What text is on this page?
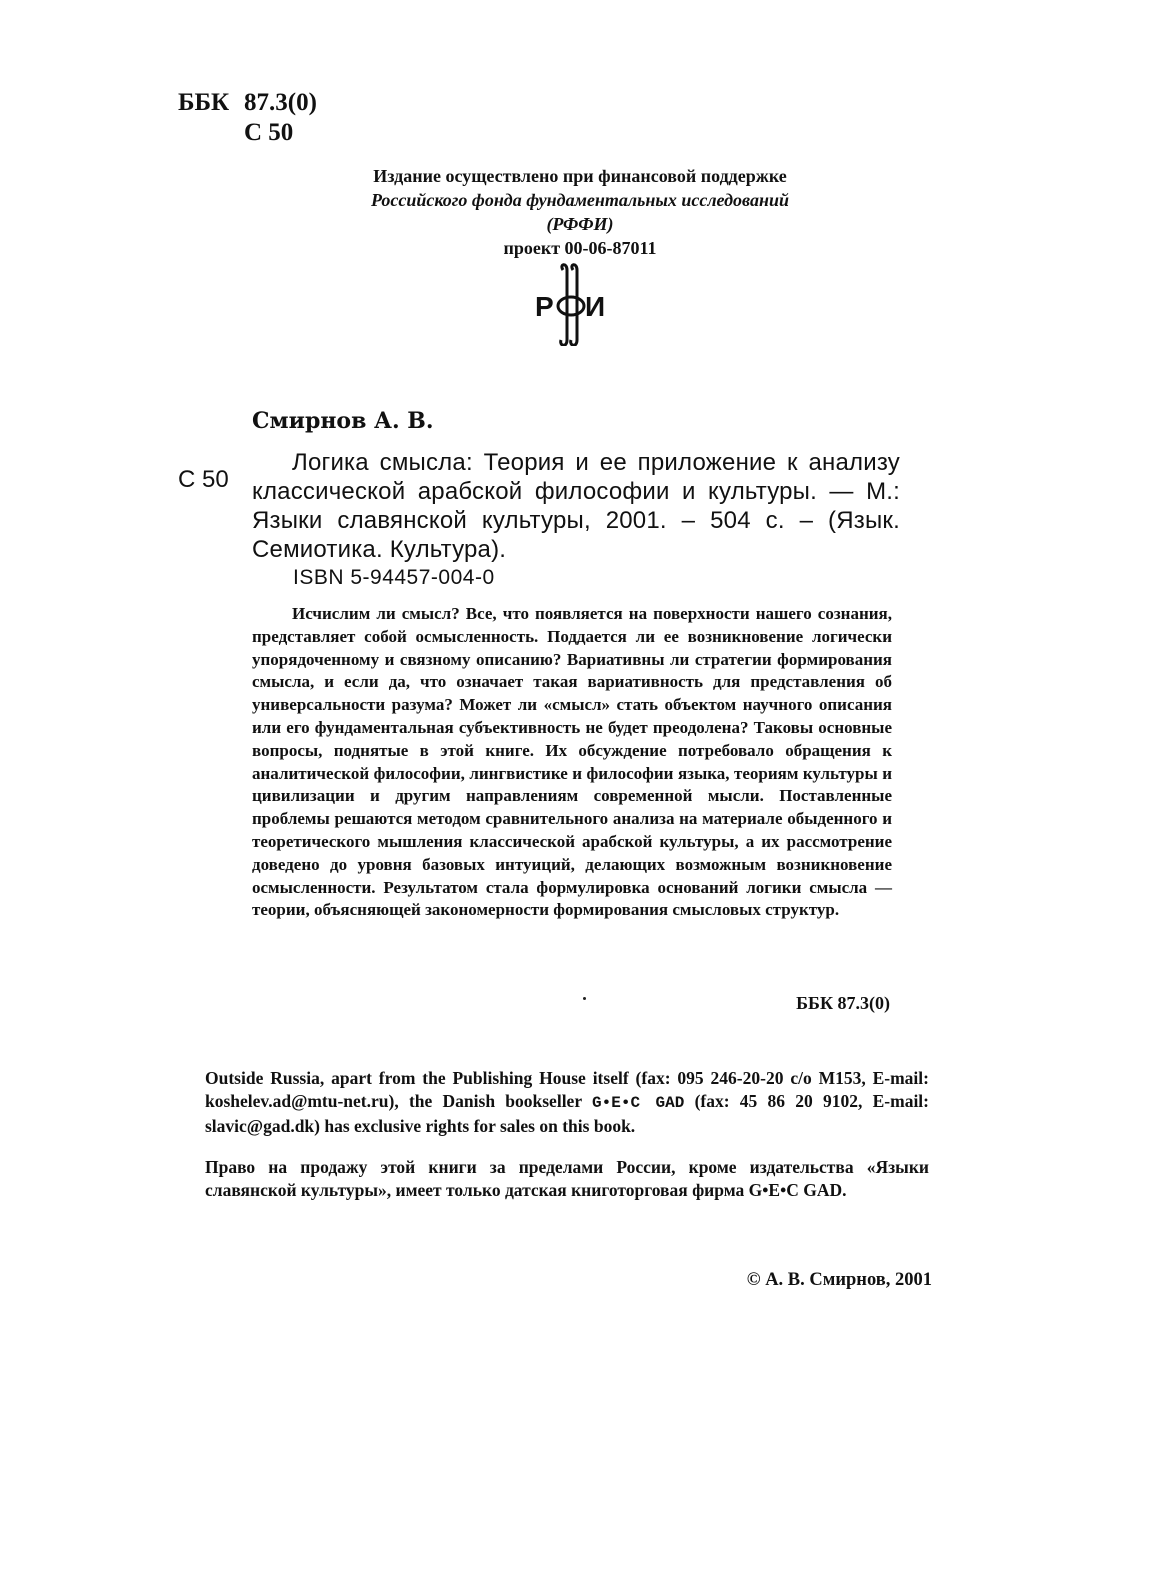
ББК 87.3(0)
С 50
Издание осуществлено при финансовой поддержке
Российского фонда фундаментальных исследований
(РФФИ)
проект 00-06-87011
Р И
Смирнов А. В.
С 50
Логика смысла: Теория и ее приложение к анализу классической арабской философии и культуры. — М.: Языки славянской культуры, 2001. – 504 с. – (Язык. Семиотика. Культура).
ISBN 5-94457-004-0
Исчислим ли смысл? Все, что появляется на поверхности нашего сознания, представляет собой осмысленность. Поддается ли ее возникновение логически упорядоченному и связному описанию? Вариативны ли стратегии формирования смысла, и если да, что означает такая вариативность для представления об универсальности разума? Может ли «смысл» стать объектом научного описания или его фундаментальная субъективность не будет преодолена? Таковы основные вопросы, поднятые в этой книге. Их обсуждение потребовало обращения к аналитической философии, лингвистике и философии языка, теориям культуры и цивилизации и другим направлениям современной мысли. Поставленные проблемы решаются методом сравнительного анализа на материале обыденного и теоретического мышления классической арабской культуры, а их рассмотрение доведено до уровня базовых интуиций, делающих возможным возникновение осмысленности. Результатом стала формулировка оснований логики смысла — теории, объясняющей закономерности формирования смысловых структур.
ББК 87.3(0)
Outside Russia, apart from the Publishing House itself (fax: 095 246-20-20 c/o M153, E-mail: koshelev.ad@mtu-net.ru), the Danish bookseller G•E•C GAD (fax: 45 86 20 9102, E-mail: slavic@gad.dk) has exclusive rights for sales on this book.
Право на продажу этой книги за пределами России, кроме издательства «Языки славянской культуры», имеет только датская книготорговая фирма G•E•C GAD.
© А. В. Смирнов, 2001
